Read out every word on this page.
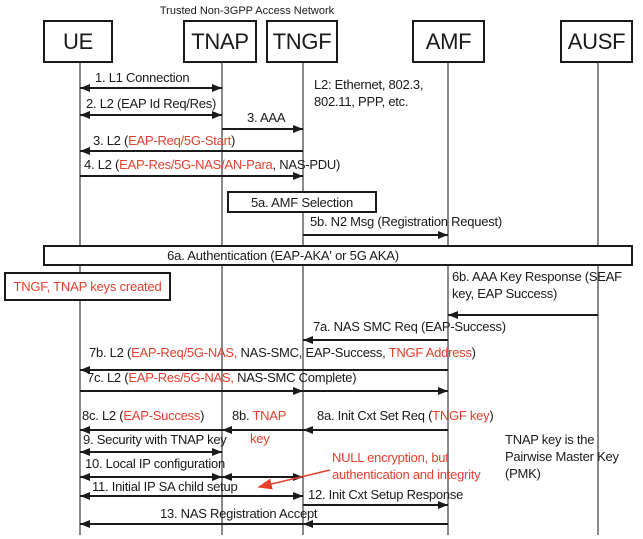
Trusted Non-3GPP Access Network
UE	TNAP TNGF	AMF	AUSF
5a. AMF Selection
6a. Authentication (EAP-AKA' or 5G AKA)
TNGF, TNAP keys created
L2: Ethernet, 802.3,
802.11, PPP, etc.
TNAP key is the
Pairwise Master Key
(PMK)
NULL encryption, but
authentication and integrity
1. L1 Connection
2. L2 (EAP Id Req/Res)
3. AAA
3. L2 (EAP-Req/5G-Start)
4. L2 (EAP-Res/5G-NAS/AN-Para, NAS-PDU)
5b. N2 Msg (Registration Request)
6b. AAA Key Response (SEAF
key, EAP Success)
7a. NAS SMC Req (EAP-Success)
7b. L2 (EAP-Req/5G-NAS, NAS-SMC, EAP-Success, TNGF Address)
7c. L2 (EAP-Res/5G-NAS, NAS-SMC Complete)
8c. L2 (EAP-Success) 8b. TNAP
key
8a. Init Cxt Set Req (TNGF key)
9. Security with TNAP key
10. Local IP configuration
11. Initial IP SA child setup
12. Init Cxt Setup Response
13. NAS Registration Accept
